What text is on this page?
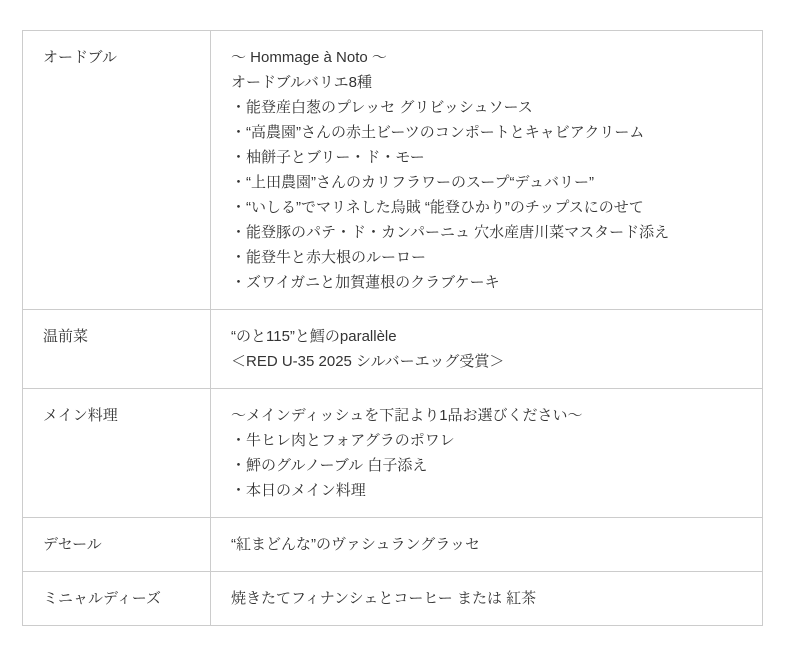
オードブル	～ Hommage à Noto ～
オードブルバリエ8種
・能登産白葱のプレッセ グリビッシュソース
・“高農園”さんの赤土ビーツのコンポートとキャビアクリーム
・柚餅子とブリー・ド・モー
・“上田農園”さんのカリフラワーのスープ“デュバリー”
・“いしる”でマリネした烏賊 “能登ひかり”のチップスにのせて
・能登豚のパテ・ド・カンパーニュ 穴水産唐川菜マスタード添え
・能登牛と赤大根のルーロー
・ズワイガニと加賀蓮根のクラブケーキ

温前菜	“のと115”と鱈のparallèle
＜RED U-35 2025 シルバーエッグ受賞＞

メイン料理	～メインディッシュを下記より1品お選びください～
・牛ヒレ肉とフォアグラのポワレ
・鮃のグルノーブル 白子添え
・本日のメイン料理

デセール	“紅まどんな”のヴァシュラングラッセ

ミニャルディーズ	焼きたてフィナンシェとコーヒー または 紅茶
